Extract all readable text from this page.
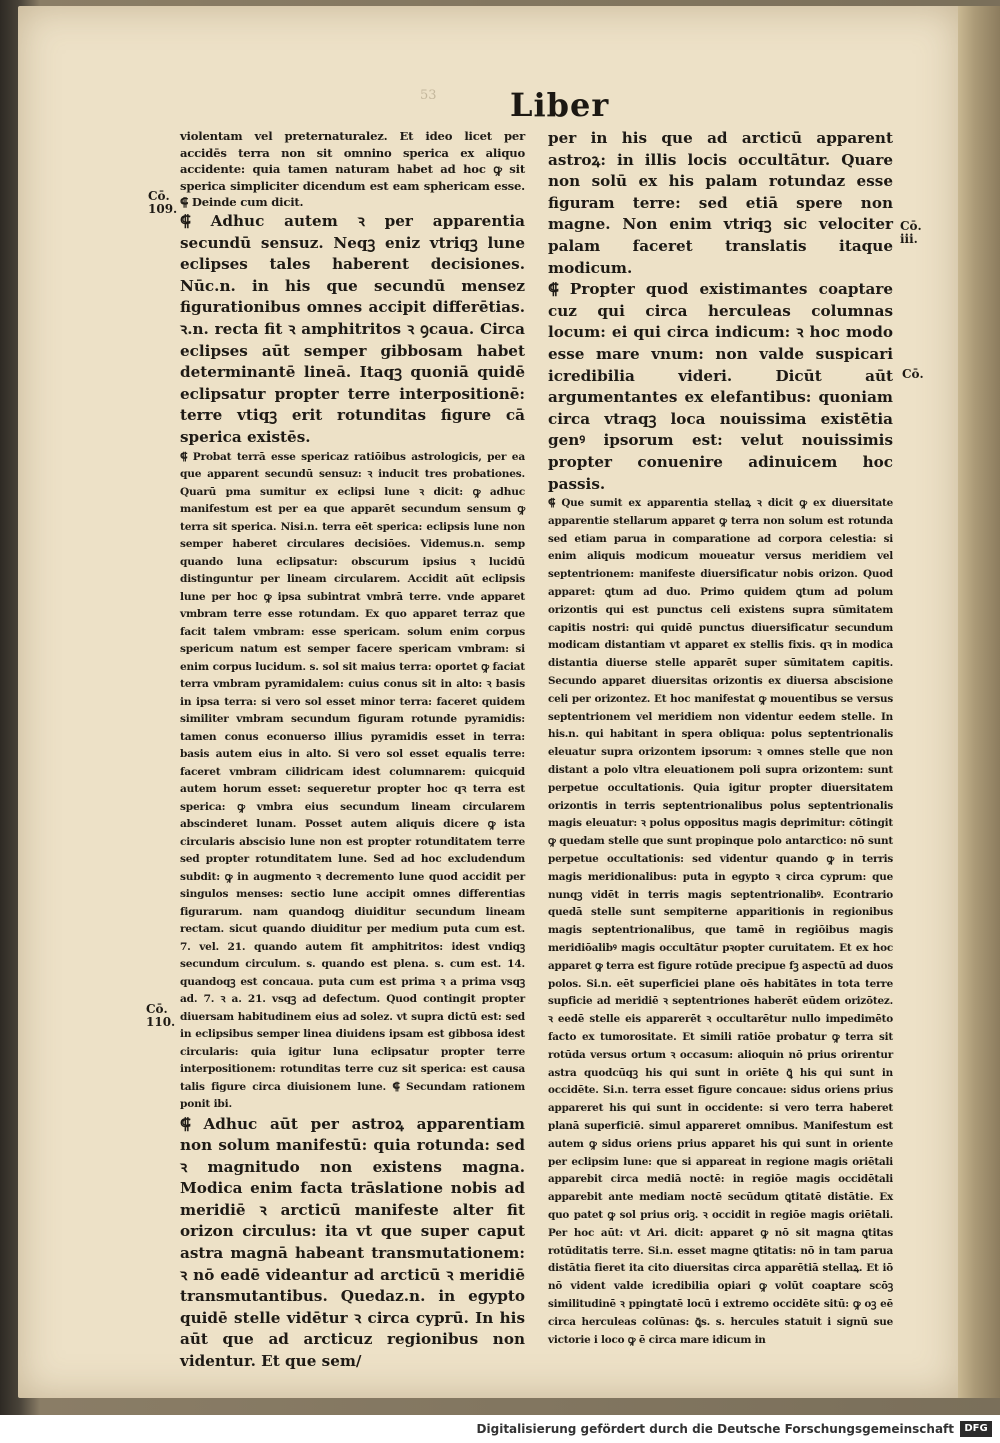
53 Liber
Cō.
109.
Cō.
110.
Cō.
iii.
Cō.

violentam vel preternaturalez. Et ideo licet per accidēs terra non sit omnino sperica ex aliquo accidente: quia tamen naturam habet ad hoc ꝙ sit sperica simpliciter dicendum est eam sphericam esse. ⸿ Deinde cum dicit.

⸿ Adhuc autem ꝛ per apparentia secundū sensuz. Neqꝫ eniz vtriqꝫ lune eclipses tales haberent decisiones. Nūc.n. in his que secundū mensez figurationibus omnes accipit differētias. ꝛ.n. recta fit ꝛ amphitritos ꝛ ꝯcaua. Circa eclipses aūt semper gibbosam habet determinantē lineā. Itaqꝫ quoniā quidē eclipsatur propter terre interpositionē: terre vtiqꝫ erit rotunditas figure cā sperica existēs.

⸿ Probat terrā esse spericaz ratiōibus astrologicis, per ea que apparent secundū sensuz: ꝛ inducit tres probationes. Quarū pma sumitur ex eclipsi lune ꝛ dicit: ꝙ adhuc manifestum est per ea que apparēt secundum sensum ꝙ terra sit sperica. Nisi.n. terra eēt sperica: eclipsis lune non semper haberet circulares decisiōes. Videmus.n. semp quando luna eclipsatur: obscurum ipsius ꝛ lucidū distinguntur per lineam circularem. Accidit aūt eclipsis lune per hoc ꝙ ipsa subintrat vmbrā terre. vnde apparet vmbram terre esse rotundam. Ex quo apparet terraz que facit talem vmbram: esse spericam. solum enim corpus spericum natum est semper facere spericam vmbram: si enim corpus lucidum. s. sol sit maius terra: oportet ꝙ faciat terra vmbram pyramidalem: cuius conus sit in alto: ꝛ basis in ipsa terra: si vero sol esset minor terra: faceret quidem similiter vmbram secundum figuram rotunde pyramidis: tamen conus econuerso illius pyramidis esset in terra: basis autem eius in alto. Si vero sol esset equalis terre: faceret vmbram cilidricam idest columnarem: quicquid autem horum esset: sequeretur propter hoc qꝛ terra est sperica: ꝙ vmbra eius secundum lineam circularem abscinderet lunam. Posset autem aliquis dicere ꝙ ista circularis abscisio lune non est propter rotunditatem terre sed propter rotunditatem lune. Sed ad hoc excludendum subdit: ꝙ in augmento ꝛ decremento lune quod accidit per singulos menses: sectio lune accipit omnes differentias figurarum. nam quandoqꝫ diuiditur secundum lineam rectam. sicut quando diuiditur per medium puta cum est. 7. vel. 21. quando autem fit amphitritos: idest vndiqꝫ secundum circulum. s. quando est plena. s. cum est. 14. quandoqꝫ est concaua. puta cum est prima ꝛ a prima vsqꝫ ad. 7. ꝛ a. 21. vsqꝫ ad defectum. Quod contingit propter diuersam habitudinem eius ad solez. vt supra dictū est: sed in eclipsibus semper linea diuidens ipsam est gibbosa idest circularis: quia igitur luna eclipsatur propter terre interpositionem: rotunditas terre cuz sit sperica: est causa talis figure circa diuisionem lune. ⸿ Secundam rationem ponit ibi.

⸿ Adhuc aūt per astroꝝ apparentiam non solum manifestū: quia rotunda: sed ꝛ magnitudo non existens magna. Modica enim facta trāslatione nobis ad meridiē ꝛ arcticū manifeste alter fit orizon circulus: ita vt que super caput astra magnā habeant transmutationem: ꝛ nō eadē videantur ad arcticū ꝛ meridiē transmutantibus. Quedaz.n. in egypto quidē stelle vidētur ꝛ circa cyprū. In his aūt que ad arcticuz regionibus non videntur. Et que sem/

per in his que ad arcticū apparent astroꝝ: in illis locis occultātur. Quare non solū ex his palam rotundaz esse figuram terre: sed etiā spere non magne. Non enim vtriqꝫ sic velociter palam faceret translatis itaque modicum.

⸿ Propter quod existimantes coaptare cuz qui circa herculeas columnas locum: ei qui circa indicum: ꝛ hoc modo esse mare vnum: non valde suspicari icredibilia videri. Dicūt aūt argumentantes ex elefantibus: quoniam circa vtraqꝫ loca nouissima existētia genꝰ ipsorum est: velut nouissimis propter conuenire adinuicem hoc passis.

⸿ Que sumit ex apparentia stellaꝝ ꝛ dicit ꝙ ex diuersitate apparentie stellarum apparet ꝙ terra non solum est rotunda sed etiam parua in comparatione ad corpora celestia: si enim aliquis modicum moueatur versus meridiem vel septentrionem: manifeste diuersificatur nobis orizon. Quod apparet: ꝗtum ad duo. Primo quidem ꝗtum ad polum orizontis qui est punctus celi existens supra sūmitatem capitis nostri: qui quidē punctus diuersificatur secundum modicam distantiam vt apparet ex stellis fixis. qꝛ in modica distantia diuerse stelle apparēt super sūmitatem capitis. Secundo apparet diuersitas orizontis ex diuersa abscisione celi per orizontez. Et hoc manifestat ꝙ mouentibus se versus septentrionem vel meridiem non videntur eedem stelle. In his.n. qui habitant in spera obliqua: polus septentrionalis eleuatur supra orizontem ipsorum: ꝛ omnes stelle que non distant a polo vltra eleuationem poli supra orizontem: sunt perpetue occultationis. Quia igitur propter diuersitatem orizontis in terris septentrionalibus polus septentrionalis magis eleuatur: ꝛ polus oppositus magis deprimitur: cōtingit ꝙ quedam stelle que sunt propinque polo antarctico: nō sunt perpetue occultationis: sed videntur quando ꝙ in terris magis meridionalibus: puta in egypto ꝛ circa cyprum: que nunqꝫ vidēt in terris magis septentrionalibꝰ. Econtrario quedā stelle sunt sempiterne apparitionis in regionibus magis septentrionalibus, que tamē in regiōibus magis meridiōalibꝰ magis occultātur pꝛopter curuitatem. Et ex hoc apparet ꝙ terra est figure rotūde precipue fꝫ aspectū ad duos polos. Si.n. eēt superficiei plane oēs habitātes in tota terre supficie ad meridiē ꝛ septentriones haberēt eūdem orizōtez. ꝛ eedē stelle eis apparerēt ꝛ occultarētur nullo impedimēto facto ex tumorositate. Et simili ratiōe probatur ꝙ terra sit rotūda versus ortum ꝛ occasum: alioquin nō prius orirentur astra quodcūqꝫ his qui sunt in oriēte ꝗ̄ his qui sunt in occidēte. Si.n. terra esset figure concaue: sidus oriens prius appareret his qui sunt in occidente: si vero terra haberet planā superficiē. simul appareret omnibus. Manifestum est autem ꝙ sidus oriens prius apparet his qui sunt in oriente per eclipsim lune: que si appareat in regione magis oriētali apparebit circa mediā noctē: in regiōe magis occidētali apparebit ante mediam noctē secūdum ꝗtitatē distātie. Ex quo patet ꝙ sol prius oriꝫ. ꝛ occidit in regiōe magis oriētali. Per hoc aūt: vt Ari. dicit: apparet ꝙ nō sit magna ꝗtitas rotūditatis terre. Si.n. esset magne ꝗtitatis: nō in tam parua distātia fieret ita cito diuersitas circa apparētiā stellaꝝ. Et iō nō vident valde icredibilia opiari ꝙ volūt coaptare scōꝫ similitudinē ꝛ ppingtatē locū i extremo occidēte sitū: ꝙ oꝫ eē circa herculeas colūnas: ꝗ̄s. s. hercules statuit i signū sue victorie i loco ꝙ ē circa mare idicum in

Digitalisierung gefördert durch die Deutsche Forschungsgemeinschaft	DFG
